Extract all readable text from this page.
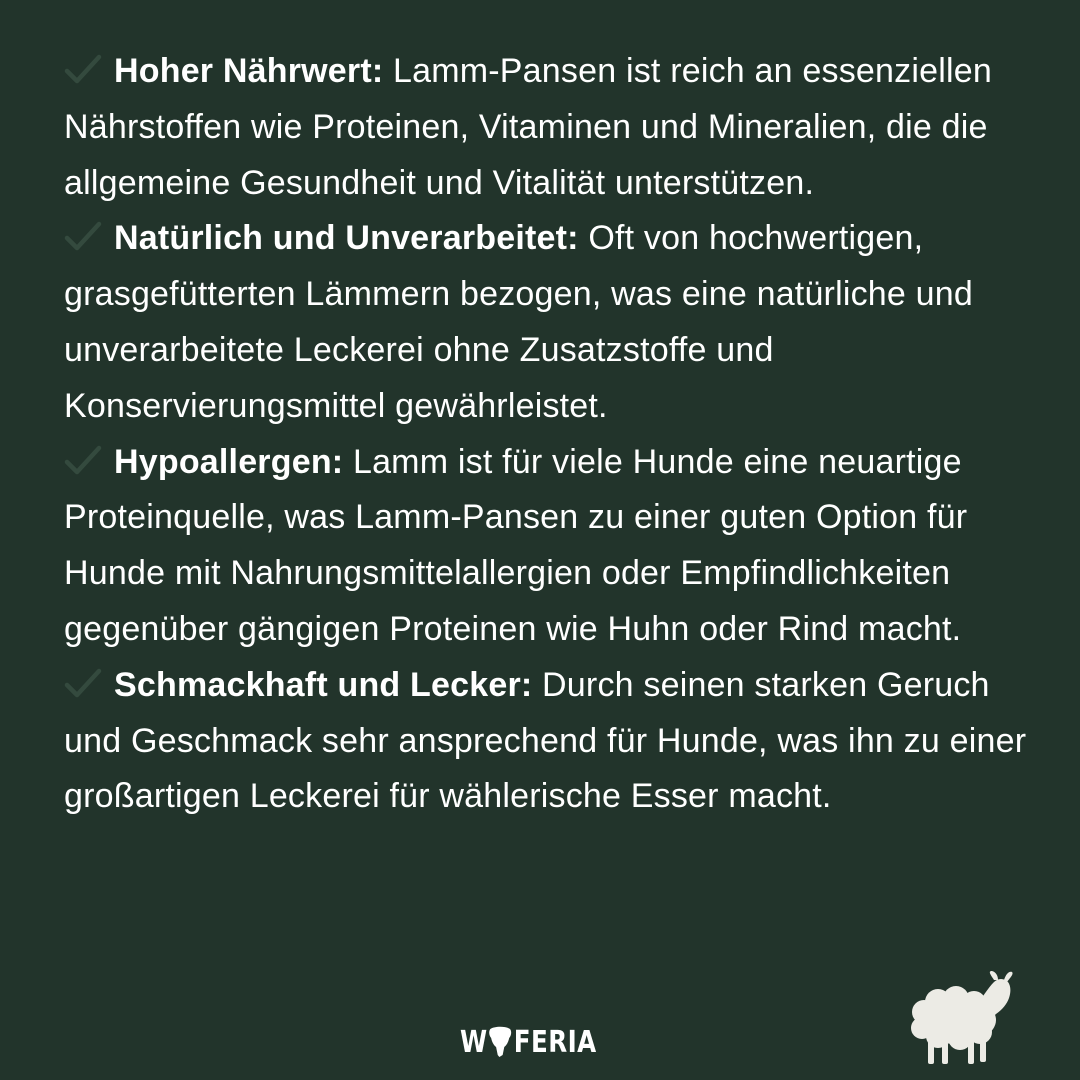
Hoher Nährwert: Lamm-Pansen ist reich an essenziellen Nährstoffen wie Proteinen, Vitaminen und Mineralien, die die allgemeine Gesundheit und Vitalität unterstützen.

Natürlich und Unverarbeitet: Oft von hochwertigen, grasgefütterten Lämmern bezogen, was eine natürliche und unverarbeitete Leckerei ohne Zusatzstoffe und Konservierungsmittel gewährleistet.

Hypoallergen: Lamm ist für viele Hunde eine neuartige Proteinquelle, was Lamm-Pansen zu einer guten Option für Hunde mit Nahrungsmittelallergien oder Empfindlichkeiten gegenüber gängigen Proteinen wie Huhn oder Rind macht.

Schmackhaft und Lecker: Durch seinen starken Geruch und Geschmack sehr ansprechend für Hunde, was ihn zu einer großartigen Leckerei für wählerische Esser macht.

W FERIA
